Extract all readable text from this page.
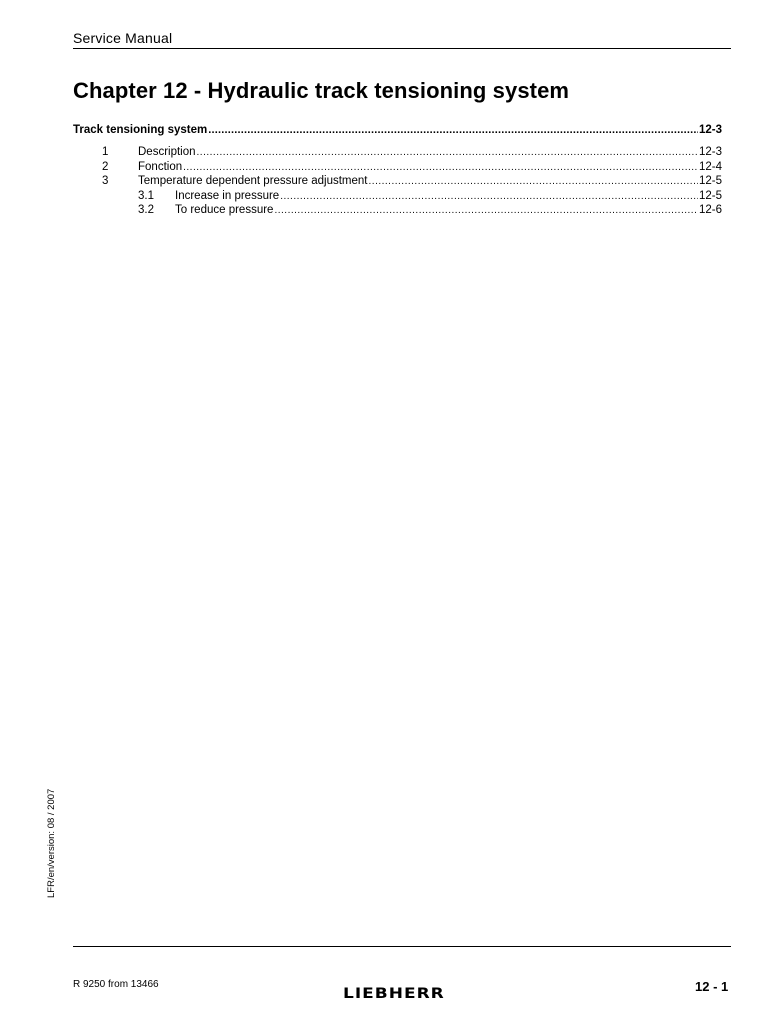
Service Manual
Chapter 12 - Hydraulic track tensioning system
Track tensioning system .....	12-3
1	Description .....	12-3
2	Fonction .....	12-4
3	Temperature dependent pressure adjustment .....	12-5
3.1 Increase in pressure .....	12-5
3.2 To reduce pressure .....	12-6
LFR/en/version: 08 / 2007
R 9250 from 13466
LIEBHERR	12 - 1
